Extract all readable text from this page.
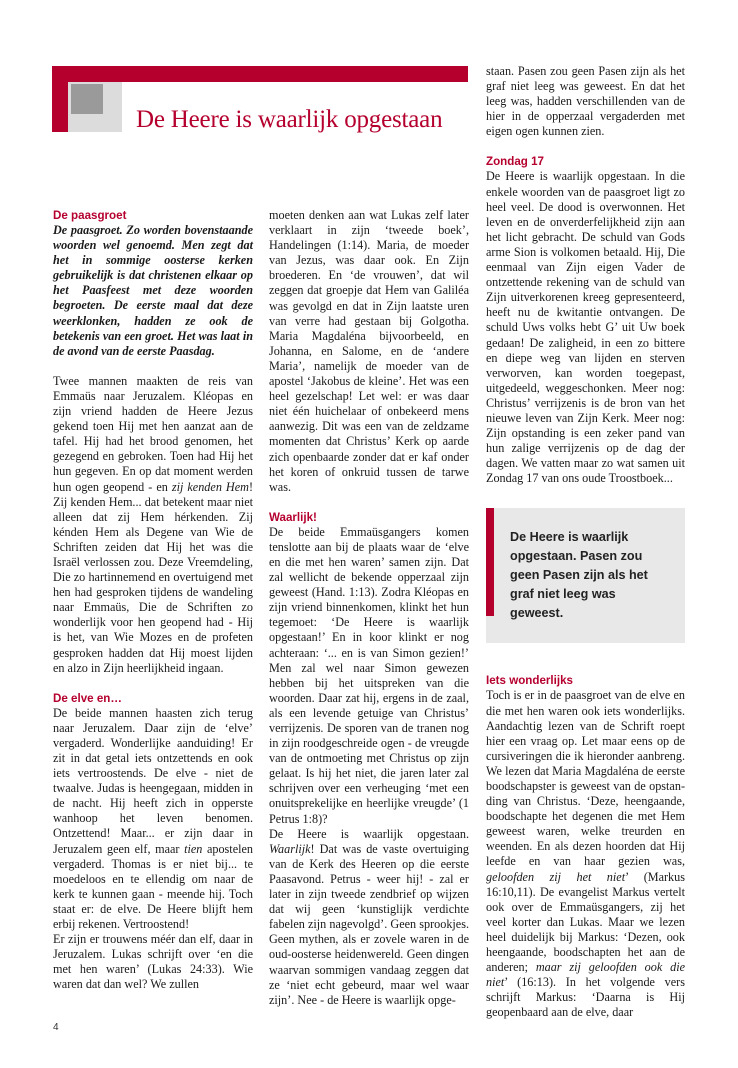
De Heere is waarlijk opgestaan

De paasgroet

De paasgroet. Zo worden bovenstaande woorden wel genoemd. Men zegt dat het in sommige oosterse kerken gebruikelijk is dat christenen elkaar op het Paasfeest met deze woorden begroeten. De eerste maal dat deze weerklonken, hadden ze ook de betekenis van een groet. Het was laat in de avond van de eerste Paasdag.

Twee mannen maakten de reis van Emmaüs naar Jeruzalem. Kléopas en zijn vriend hadden de Heere Jezus gekend toen Hij met hen aanzat aan de tafel. Hij had het brood genomen, het gezegend en gebroken. Toen had Hij het hun gegeven. En op dat moment werden hun ogen geopend - en zij kenden Hem! Zij kenden Hem... dat betekent maar niet alleen dat zij Hem hérkenden. Zij kénden Hem als Degene van Wie de Schriften zeiden dat Hij het was die Israël verlossen zou. Deze Vreemdeling, Die zo hartinnemend en overtuigend met hen had gesproken tijdens de wandeling naar Emmaüs, Die de Schriften zo wonderlijk voor hen geopend had - Hij is het, van Wie Mozes en de profeten gesproken hadden dat Hij moest lijden en alzo in Zijn heerlijkheid ingaan.

De elve en…

De beide mannen haasten zich terug naar Jeruzalem. Daar zijn de ‘elve’ vergaderd. Wonderlijke aanduiding! Er zit in dat getal iets ontzettends en ook iets vertroostends. De elve - niet de twaalve. Judas is heengegaan, midden in de nacht. Hij heeft zich in opperste wanhoop het leven benomen. Ontzettend! Maar... er zijn daar in Jeruzalem geen elf, maar tien apostelen vergaderd. Thomas is er niet bij... te moedeloos en te ellendig om naar de kerk te kunnen gaan - meende hij. Toch staat er: de elve. De Heere blijft hem erbij rekenen. Vertroostend!

Er zijn er trouwens méér dan elf, daar in Jeruzalem. Lukas schrijft over ‘en die met hen waren’ (Lukas 24:33). Wie waren dat dan wel? We zullen

moeten denken aan wat Lukas zelf later verklaart in zijn ‘tweede boek’, Handelingen (1:14). Maria, de moeder van Jezus, was daar ook. En Zijn broederen. En ‘de vrouwen’, dat wil zeggen dat groepje dat Hem van Galiléa was gevolgd en dat in Zijn laatste uren van verre had gestaan bij Golgotha. Maria Magdaléna bijvoorbeeld, en Johanna, en Salome, en de ‘andere Maria’, namelijk de moeder van de apostel ‘Jakobus de kleine’. Het was een heel gezelschap! Let wel: er was daar niet één huichelaar of onbekeerd mens aanwezig. Dit was een van de zeldzame momenten dat Christus’ Kerk op aarde zich openbaarde zonder dat er kaf onder het koren of onkruid tussen de tarwe was.

Waarlijk!

De beide Emmaüsgangers komen tenslotte aan bij de plaats waar de ‘elve en die met hen waren’ samen zijn. Dat zal wellicht de bekende opperzaal zijn geweest (Hand. 1:13). Zodra Kléopas en zijn vriend binnenkomen, klinkt het hun tegemoet: ‘De Heere is waarlijk opgestaan!’ En in koor klinkt er nog achteraan: ‘... en is van Simon gezien!’ Men zal wel naar Simon gewezen hebben bij het uitspreken van die woorden. Daar zat hij, ergens in de zaal, als een levende getuige van Christus’ verrijzenis. De sporen van de tranen nog in zijn roodgeschreide ogen - de vreugde van de ontmoeting met Christus op zijn gelaat. Is hij het niet, die jaren later zal schrijven over een verheuging ‘met een onuitsprekelijke en heerlijke vreugde’ (1 Petrus 1:8)?

De Heere is waarlijk opgestaan. Waarlijk! Dat was de vaste overtuiging van de Kerk des Heeren op die eerste Paasavond. Petrus - weer hij! - zal er later in zijn tweede zendbrief op wijzen dat wij geen ‘kunstiglijk verdichte fabelen zijn nagevolgd’. Geen sprookjes. Geen mythen, als er zovele waren in de oud-oosterse heidenwereld. Geen dingen waarvan sommigen vandaag zeggen dat ze ‘niet echt gebeurd, maar wel waar zijn’. Nee - de Heere is waarlijk opge-

staan. Pasen zou geen Pasen zijn als het graf niet leeg was geweest. En dat het leeg was, hadden verschillenden van de hier in de opperzaal vergaderden met eigen ogen kunnen zien.

Zondag 17

De Heere is waarlijk opgestaan. In die enkele woorden van de paasgroet ligt zo heel veel. De dood is overwonnen. Het leven en de onverderfelijkheid zijn aan het licht gebracht. De schuld van Gods arme Sion is volkomen betaald. Hij, Die eenmaal van Zijn eigen Vader de ontzettende rekening van de schuld van Zijn uitverkorenen kreeg gepresenteerd, heeft nu de kwitantie ontvangen. De schuld Uws volks hebt G’ uit Uw boek gedaan! De zaligheid, in een zo bittere en diepe weg van lijden en sterven verworven, kan worden toegepast, uitgedeeld, weggeschonken. Meer nog: Christus’ verrijzenis is de bron van het nieuwe leven van Zijn Kerk. Meer nog: Zijn opstanding is een zeker pand van hun zalige verrijzenis op de dag der dagen. We vatten maar zo wat samen uit Zondag 17 van ons oude Troostboek...

De Heere is waarlijk opgestaan. Pasen zou geen Pasen zijn als het graf niet leeg was geweest.

Iets wonderlijks

Toch is er in de paasgroet van de elve en die met hen waren ook iets wonderlijks. Aandachtig lezen van de Schrift roept hier een vraag op. Let maar eens op de cursiveringen die ik hieronder aanbreng. We lezen dat Maria Magdaléna de eerste boodschapster is geweest van de opstanding van Christus. ‘Deze, heengaande, boodschapte het degenen die met Hem geweest waren, welke treurden en weenden. En als dezen hoorden dat Hij leefde en van haar gezien was, geloofden zij het niet’ (Markus 16:10,11). De evangelist Markus vertelt ook over de Emmaüsgangers, zij het veel korter dan Lukas. Maar we lezen heel duidelijk bij Markus: ‘Dezen, ook heengaande, boodschapten het aan de anderen; maar zij geloofden ook die niet’ (16:13). In het volgende vers schrijft Markus: ‘Daarna is Hij geopenbaard aan de elve, daar

4
